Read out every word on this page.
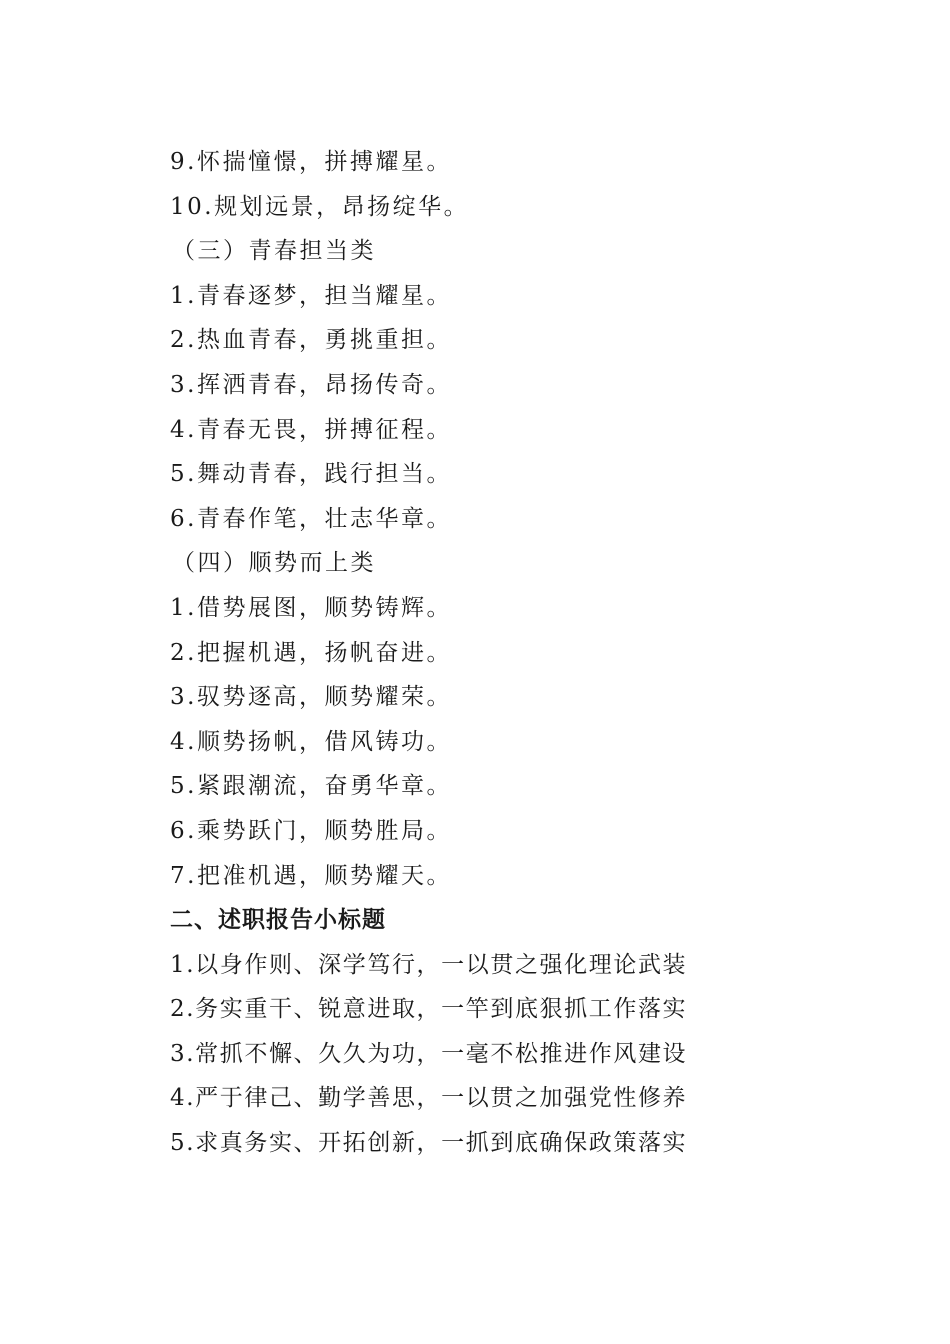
9.怀揣憧憬，拼搏耀星。
10.规划远景，昂扬绽华。
（三）青春担当类
1.青春逐梦，担当耀星。
2.热血青春，勇挑重担。
3.挥洒青春，昂扬传奇。
4.青春无畏，拼搏征程。
5.舞动青春，践行担当。
6.青春作笔，壮志华章。
（四）顺势而上类
1.借势展图，顺势铸辉。
2.把握机遇，扬帆奋进。
3.驭势逐高，顺势耀荣。
4.顺势扬帆，借风铸功。
5.紧跟潮流，奋勇华章。
6.乘势跃门，顺势胜局。
7.把准机遇，顺势耀天。
二、述职报告小标题
1.以身作则、深学笃行，一以贯之强化理论武装
2.务实重干、锐意进取，一竿到底狠抓工作落实
3.常抓不懈、久久为功，一毫不松推进作风建设
4.严于律己、勤学善思，一以贯之加强党性修养
5.求真务实、开拓创新，一抓到底确保政策落实
